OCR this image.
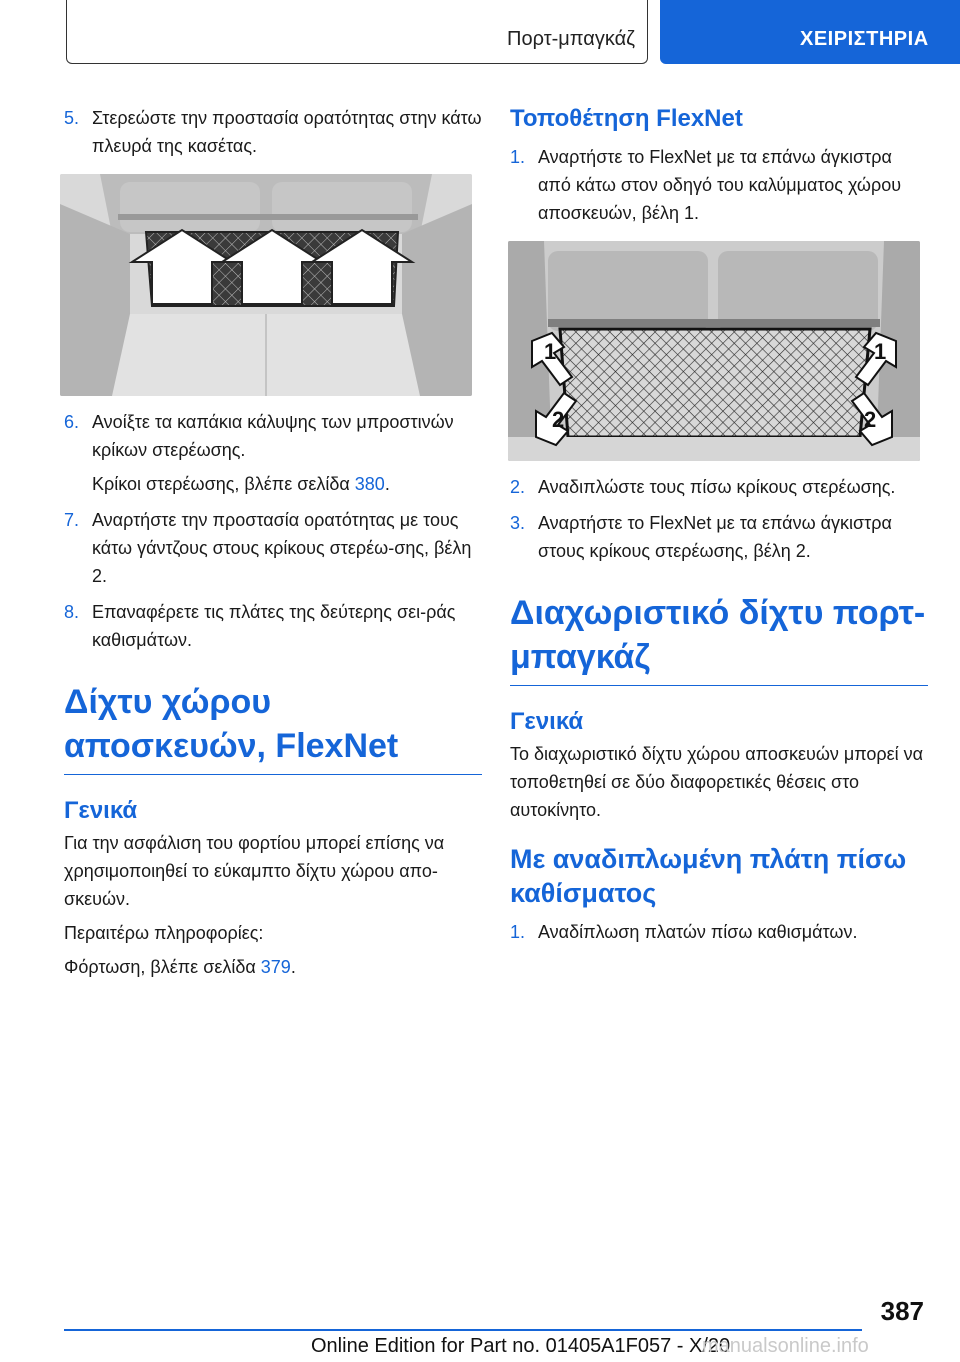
Πορτ-μπαγκάζ	ΧΕΙΡΙΣΤΗΡΙΑ

5. Στερεώστε την προστασία ορατότητας στην κάτω πλευρά της κασέτας.

6. Ανοίξτε τα καπάκια κάλυψης των μπροστινών κρίκων στερέωσης.

Κρίκοι στερέωσης, βλέπε σελίδα 380.

7. Αναρτήστε την προστασία ορατότητας με τους κάτω γάντζους στους κρίκους στερέω-σης, βέλη 2.

8. Επαναφέρετε τις πλάτες της δεύτερης σει-ράς καθισμάτων.

Δίχτυ χώρου αποσκευών, FlexNet
Γενικά

Για την ασφάλιση του φορτίου μπορεί επίσης να χρησιμοποιηθεί το εύκαμπτο δίχτυ χώρου απο-σκευών.

Περαιτέρω πληροφορίες:

Φόρτωση, βλέπε σελίδα 379.

Τοποθέτηση FlexNet

1. Αναρτήστε το FlexNet με τα επάνω άγκιστρα από κάτω στον οδηγό του καλύμματος χώρου αποσκευών, βέλη 1.

1	1
2	2

2. Αναδιπλώστε τους πίσω κρίκους στερέωσης.

3. Αναρτήστε το FlexNet με τα επάνω άγκιστρα στους κρίκους στερέωσης, βέλη 2.

Διαχωριστικό δίχτυ πορτ-μπαγκάζ
Γενικά

Το διαχωριστικό δίχτυ χώρου αποσκευών μπορεί να τοποθετηθεί σε δύο διαφορετικές θέσεις στο αυτοκίνητο.

Με αναδιπλωμένη πλάτη πίσω καθίσματος

1. Αναδίπλωση πλατών πίσω καθισμάτων.

387
Online Edition for Part no. 01405A1F057 - X/20
manualsonline.info
